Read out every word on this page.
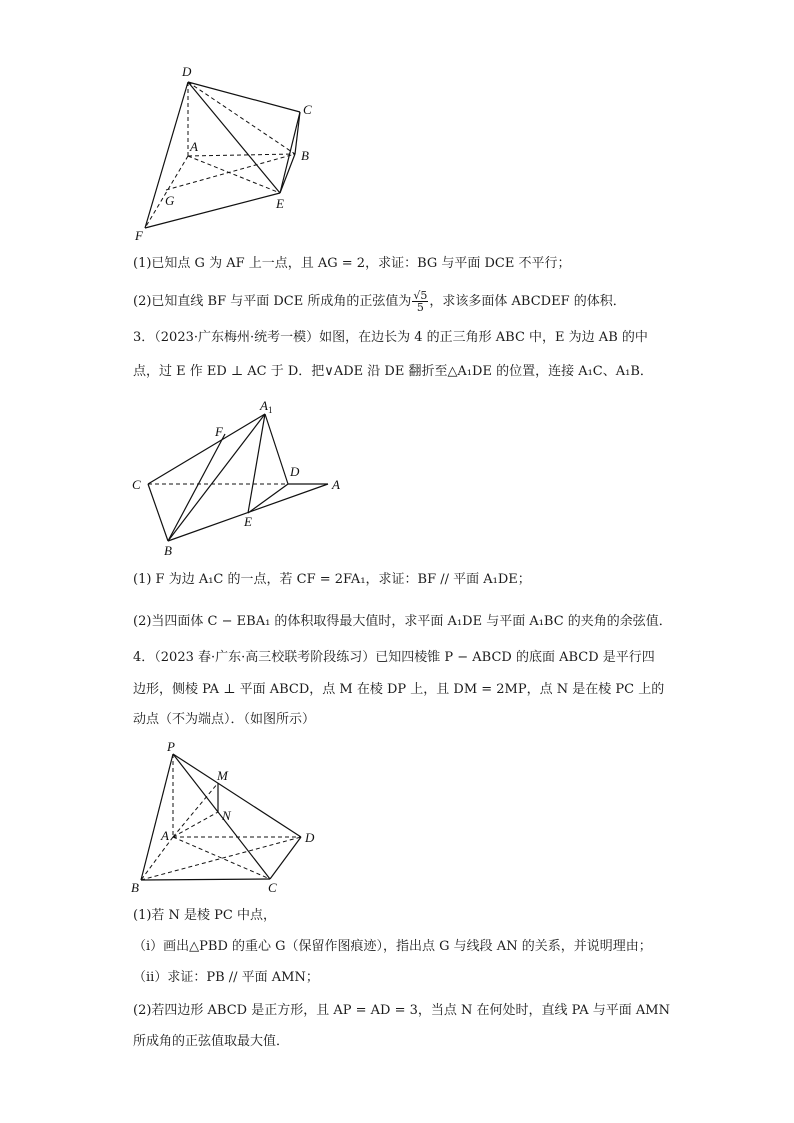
D
C
A
B
G	E
F
(1)已知点 G 为 AF 上一点，且 AG = 2，求证：BG 与平面 DCE 不平行；
(2)已知直线 BF 与平面 DCE 所成角的正弦值为 $\frac{√5}{5}$ ，求该多面体 ABCDEF 的体积．
3．（2023·广东梅州·统考一模）如图，在边长为 4 的正三角形 ABC 中，E 为边 AB 的中
点，过 E 作 ED ⊥ AC 于 D．把∨ADE 沿 DE 翻折至△A₁DE 的位置，连接 A₁C、A₁B．
$A_1$
F
C
D
A
E
B
(1) F 为边 A₁C 的一点，若 CF = 2FA₁，求证：BF // 平面 A₁DE；
(2)当四面体 C − EBA₁ 的体积取得最大值时，求平面 A₁DE 与平面 A₁BC 的夹角的余弦值．
4．（2023 春·广东·高三校联考阶段练习）已知四棱锥 P − ABCD 的底面 ABCD 是平行四
边形，侧棱 PA ⊥ 平面 ABCD，点 M 在棱 DP 上，且 DM = 2MP，点 N 是在棱 PC 上的
动点（不为端点）．（如图所示）
P
M
N
A	D
B	C
(1)若 N 是棱 PC 中点，
（i）画出△PBD 的重心 G（保留作图痕迹），指出点 G 与线段 AN 的关系，并说明理由；
（ii）求证：PB // 平面 AMN；
(2)若四边形 ABCD 是正方形，且 AP = AD = 3，当点 N 在何处时，直线 PA 与平面 AMN
所成角的正弦值取最大值．
